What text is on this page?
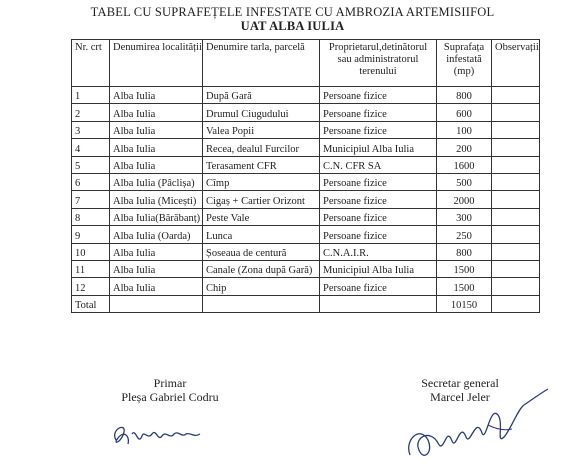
TABEL CU SUPRAFEȚELE INFESTATE CU AMBROZIA ARTEMISIIFOL
UAT ALBA IULIA
Nr. crt	Denumirea localității	Denumire tarla, parcelă	Proprietarul,detinătorul sau administratorul terenului	Suprafața infestată (mp)	Observații
1	Alba Iulia	După Gară	Persoane fizice	800	
2	Alba Iulia	Drumul Ciugudului	Persoane fizice	600	
3	Alba Iulia	Valea Popii	Persoane fizice	100	
4	Alba Iulia	Recea, dealul Furcilor	Municipiul Alba Iulia	200	
5	Alba Iulia	Terasament CFR	C.N. CFR SA	1600	
6	Alba Iulia (Pâclișa)	Cîmp	Persoane fizice	500	
7	Alba Iulia (Micești)	Cigaș + Cartier Orizont	Persoane fizice	2000	
8	Alba Iulia(Bărăbanț)	Peste Vale	Persoane fizice	300	
9	Alba Iulia (Oarda)	Lunca	Persoane fizice	250	
10	Alba Iulia	Șoseaua de centură	C.N.A.I.R.	800	
11	Alba Iulia	Canale (Zona după Gară)	Municipiul Alba Iulia	1500	
12	Alba Iulia	Chip	Persoane fizice	1500	
Total				10150	
Primar
Pleșa Gabriel Codru
Secretar general
Marcel Jeler
